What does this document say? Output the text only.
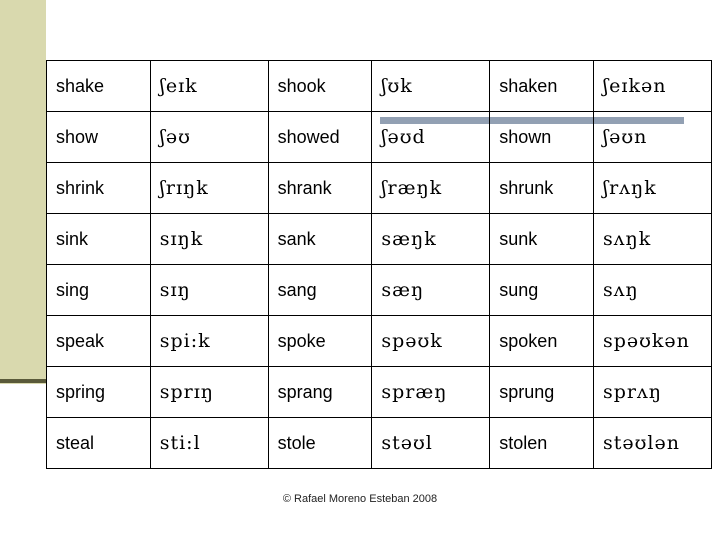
shake	ʃeɪk	shook	ʃʊk	shaken	ʃeɪkən
show	ʃəʊ	showed	ʃəʊd	shown	ʃəʊn
shrink	ʃrɪŋk	shrank	ʃræŋk	shrunk	ʃrʌŋk
sink	sɪŋk	sank	sæŋk	sunk	sʌŋk
sing	sɪŋ	sang	sæŋ	sung	sʌŋ
speak	spi:k	spoke	spəʊk	spoken	spəʊkən
spring	sprɪŋ	sprang	spræŋ	sprung	sprʌŋ
steal	sti:l	stole	stəʊl	stolen	stəʊlən
© Rafael Moreno Esteban 2008
